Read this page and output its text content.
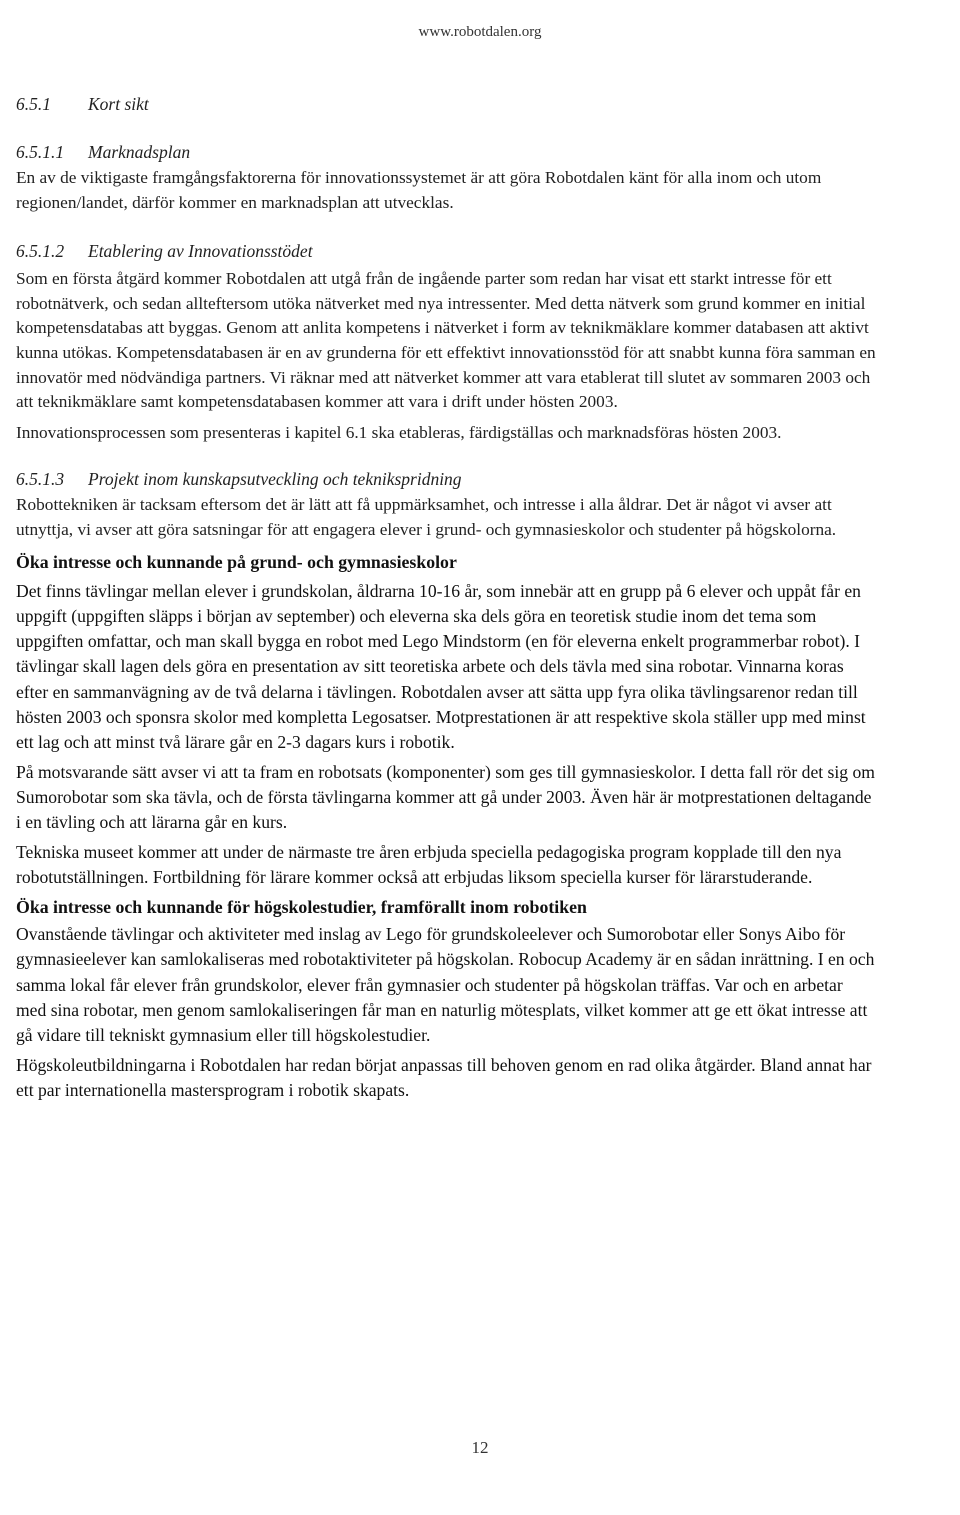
www.robotdalen.org

6.5.1 Kort sikt

6.5.1.1 Marknadsplan

En av de viktigaste framgångsfaktorerna för innovationssystemet är att göra Robotdalen känt för alla inom och utom regionen/landet, därför kommer en marknadsplan att utvecklas.

6.5.1.2 Etablering av Innovationsstödet

Som en första åtgärd kommer Robotdalen att utgå från de ingående parter som redan har visat ett starkt intresse för ett robotnätverk, och sedan allteftersom utöka nätverket med nya intressenter. Med detta nätverk som grund kommer en initial kompetensdatabas att byggas. Genom att anlita kompetens i nätverket i form av teknikmäklare kommer databasen att aktivt kunna utökas. Kompetensdatabasen är en av grunderna för ett effektivt innovationsstöd för att snabbt kunna föra samman en innovatör med nödvändiga partners. Vi räknar med att nätverket kommer att vara etablerat till slutet av sommaren 2003 och att teknikmäklare samt kompetensdatabasen kommer att vara i drift under hösten 2003.

Innovationsprocessen som presenteras i kapitel 6.1 ska etableras, färdigställas och marknadsföras hösten 2003.

6.5.1.3 Projekt inom kunskapsutveckling och teknikspridning

Robottekniken är tacksam eftersom det är lätt att få uppmärksamhet, och intresse i alla åldrar. Det är något vi avser att utnyttja, vi avser att göra satsningar för att engagera elever i grund- och gymnasieskolor och studenter på högskolorna.

Öka intresse och kunnande på grund- och gymnasieskolor

Det finns tävlingar mellan elever i grundskolan, åldrarna 10-16 år, som innebär att en grupp på 6 elever och uppåt får en uppgift (uppgiften släpps i början av september) och eleverna ska dels göra en teoretisk studie inom det tema som uppgiften omfattar, och man skall bygga en robot med Lego Mindstorm (en för eleverna enkelt programmerbar robot). I tävlingar skall lagen dels göra en presentation av sitt teoretiska arbete och dels tävla med sina robotar. Vinnarna koras efter en sammanvägning av de två delarna i tävlingen. Robotdalen avser att sätta upp fyra olika tävlingsarenor redan till hösten 2003 och sponsra skolor med kompletta Legosatser. Motprestationen är att respektive skola ställer upp med minst ett lag och att minst två lärare går en 2-3 dagars kurs i robotik.

På motsvarande sätt avser vi att ta fram en robotsats (komponenter) som ges till gymnasieskolor. I detta fall rör det sig om Sumorobotar som ska tävla, och de första tävlingarna kommer att gå under 2003. Även här är motprestationen deltagande i en tävling och att lärarna går en kurs.

Tekniska museet kommer att under de närmaste tre åren erbjuda speciella pedagogiska program kopplade till den nya robotutställningen. Fortbildning för lärare kommer också att erbjudas liksom speciella kurser för lärarstuderande.

Öka intresse och kunnande för högskolestudier, framförallt inom robotiken

Ovanstående tävlingar och aktiviteter med inslag av Lego för grundskoleelever och Sumorobotar eller Sonys Aibo för gymnasieelever kan samlokaliseras med robotaktiviteter på högskolan. Robocup Academy är en sådan inrättning. I en och samma lokal får elever från grundskolor, elever från gymnasier och studenter på högskolan träffas. Var och en arbetar med sina robotar, men genom samlokaliseringen får man en naturlig mötesplats, vilket kommer att ge ett ökat intresse att gå vidare till tekniskt gymnasium eller till högskolestudier.

Högskoleutbildningarna i Robotdalen har redan börjat anpassas till behoven genom en rad olika åtgärder. Bland annat har ett par internationella mastersprogram i robotik skapats.

12
